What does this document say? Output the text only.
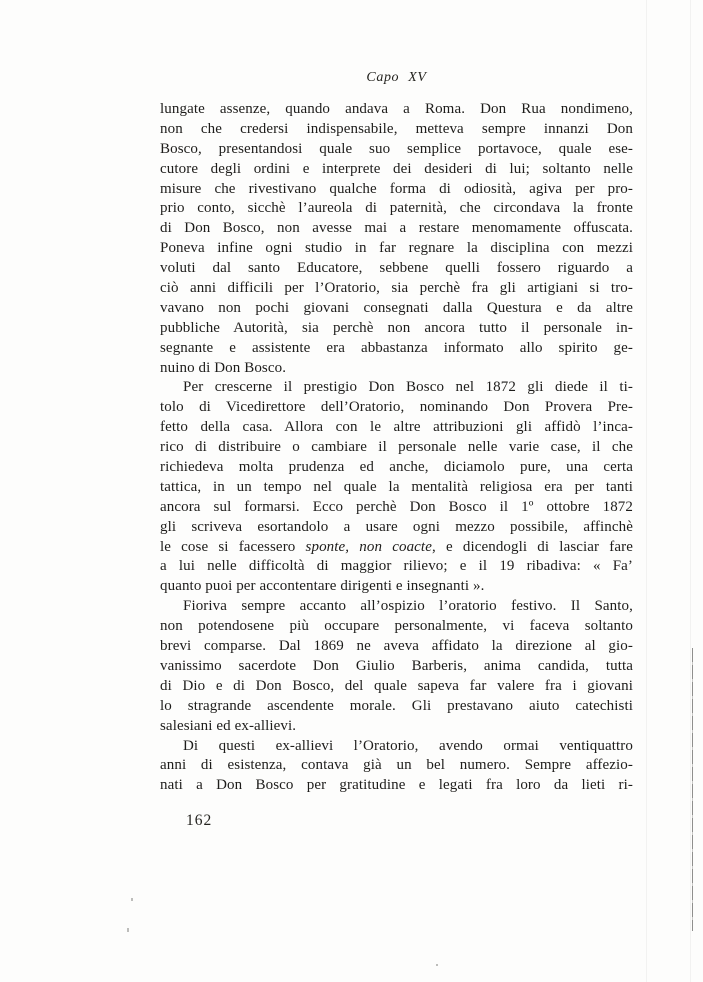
Capo XV
lungate assenze, quando andava a Roma. Don Rua nondimeno,
non che credersi indispensabile, metteva sempre innanzi Don
Bosco, presentandosi quale suo semplice portavoce, quale ese-
cutore degli ordini e interprete dei desideri di lui; soltanto nelle
misure che rivestivano qualche forma di odiosità, agiva per pro-
prio conto, sicchè l’aureola di paternità, che circondava la fronte
di Don Bosco, non avesse mai a restare menomamente offuscata.
Poneva infine ogni studio in far regnare la disciplina con mezzi
voluti dal santo Educatore, sebbene quelli fossero riguardo a
ciò anni difficili per l’Oratorio, sia perchè fra gli artigiani si tro-
vavano non pochi giovani consegnati dalla Questura e da altre
pubbliche Autorità, sia perchè non ancora tutto il personale in-
segnante e assistente era abbastanza informato allo spirito ge-
nuino di Don Bosco.
Per crescerne il prestigio Don Bosco nel 1872 gli diede il ti-
tolo di Vicedirettore dell’Oratorio, nominando Don Provera Pre-
fetto della casa. Allora con le altre attribuzioni gli affidò l’inca-
rico di distribuire o cambiare il personale nelle varie case, il che
richiedeva molta prudenza ed anche, diciamolo pure, una certa
tattica, in un tempo nel quale la mentalità religiosa era per tanti
ancora sul formarsi. Ecco perchè Don Bosco il 1º ottobre 1872
gli scriveva esortandolo a usare ogni mezzo possibile, affinchè
le cose si facessero sponte, non coacte, e dicendogli di lasciar fare
a lui nelle difficoltà di maggior rilievo; e il 19 ribadiva: « Fa’
quanto puoi per accontentare dirigenti e insegnanti ».
Fioriva sempre accanto all’ospizio l’oratorio festivo. Il Santo,
non potendosene più occupare personalmente, vi faceva soltanto
brevi comparse. Dal 1869 ne aveva affidato la direzione al gio-
vanissimo sacerdote Don Giulio Barberis, anima candida, tutta
di Dio e di Don Bosco, del quale sapeva far valere fra i giovani
lo stragrande ascendente morale. Gli prestavano aiuto catechisti
salesiani ed ex-allievi.
Di questi ex-allievi l’Oratorio, avendo ormai ventiquattro
anni di esistenza, contava già un bel numero. Sempre affezio-
nati a Don Bosco per gratitudine e legati fra loro da lieti ri-
162
